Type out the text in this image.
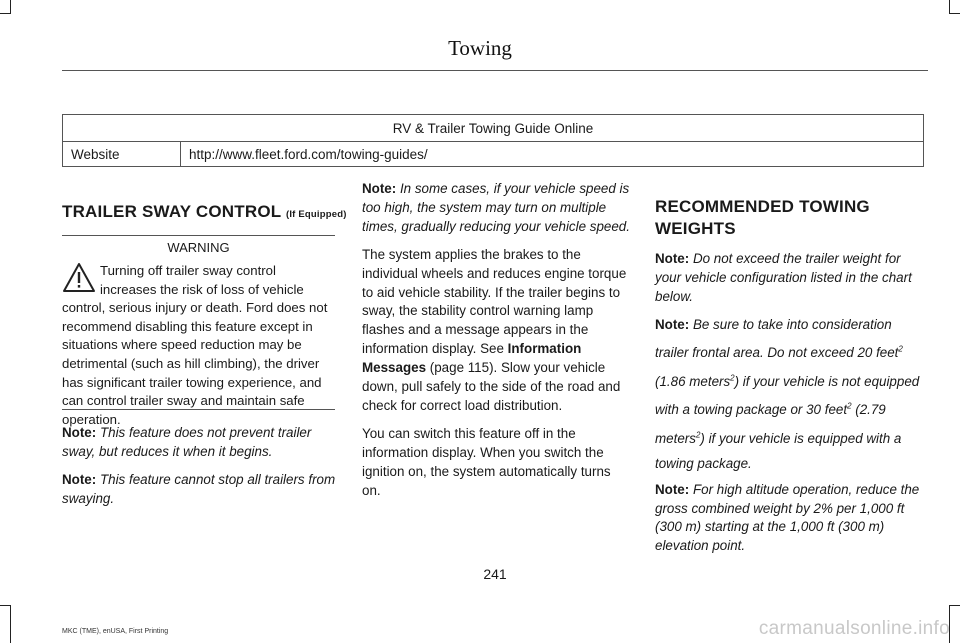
Towing
RV & Trailer Towing Guide Online
Website	http://www.fleet.ford.com/towing-guides/
TRAILER SWAY CONTROL (If Equipped)
WARNING
Turning off trailer sway control increases the risk of loss of vehicle control, serious injury or death. Ford does not recommend disabling this feature except in situations where speed reduction may be detrimental (such as hill climbing), the driver has significant trailer towing experience, and can control trailer sway and maintain safe operation.

Note: This feature does not prevent trailer sway, but reduces it when it begins.

Note: This feature cannot stop all trailers from swaying.

Note: In some cases, if your vehicle speed is too high, the system may turn on multiple times, gradually reducing your vehicle speed.

The system applies the brakes to the individual wheels and reduces engine torque to aid vehicle stability. If the trailer begins to sway, the stability control warning lamp flashes and a message appears in the information display. See Information Messages (page 115). Slow your vehicle down, pull safely to the side of the road and check for correct load distribution.

You can switch this feature off in the information display. When you switch the ignition on, the system automatically turns on.

RECOMMENDED TOWING WEIGHTS

Note: Do not exceed the trailer weight for your vehicle configuration listed in the chart below.

Note: Be sure to take into consideration trailer frontal area. Do not exceed 20 feet$^2$ (1.86 meters$^2$) if your vehicle is not equipped with a towing package or 30 feet$^2$ (2.79 meters$^2$) if your vehicle is equipped with a towing package.

Note: For high altitude operation, reduce the gross combined weight by 2% per 1,000 ft (300 m) starting at the 1,000 ft (300 m) elevation point.

241
MKC (TME), enUSA, First Printing	carmanualsonline.info
